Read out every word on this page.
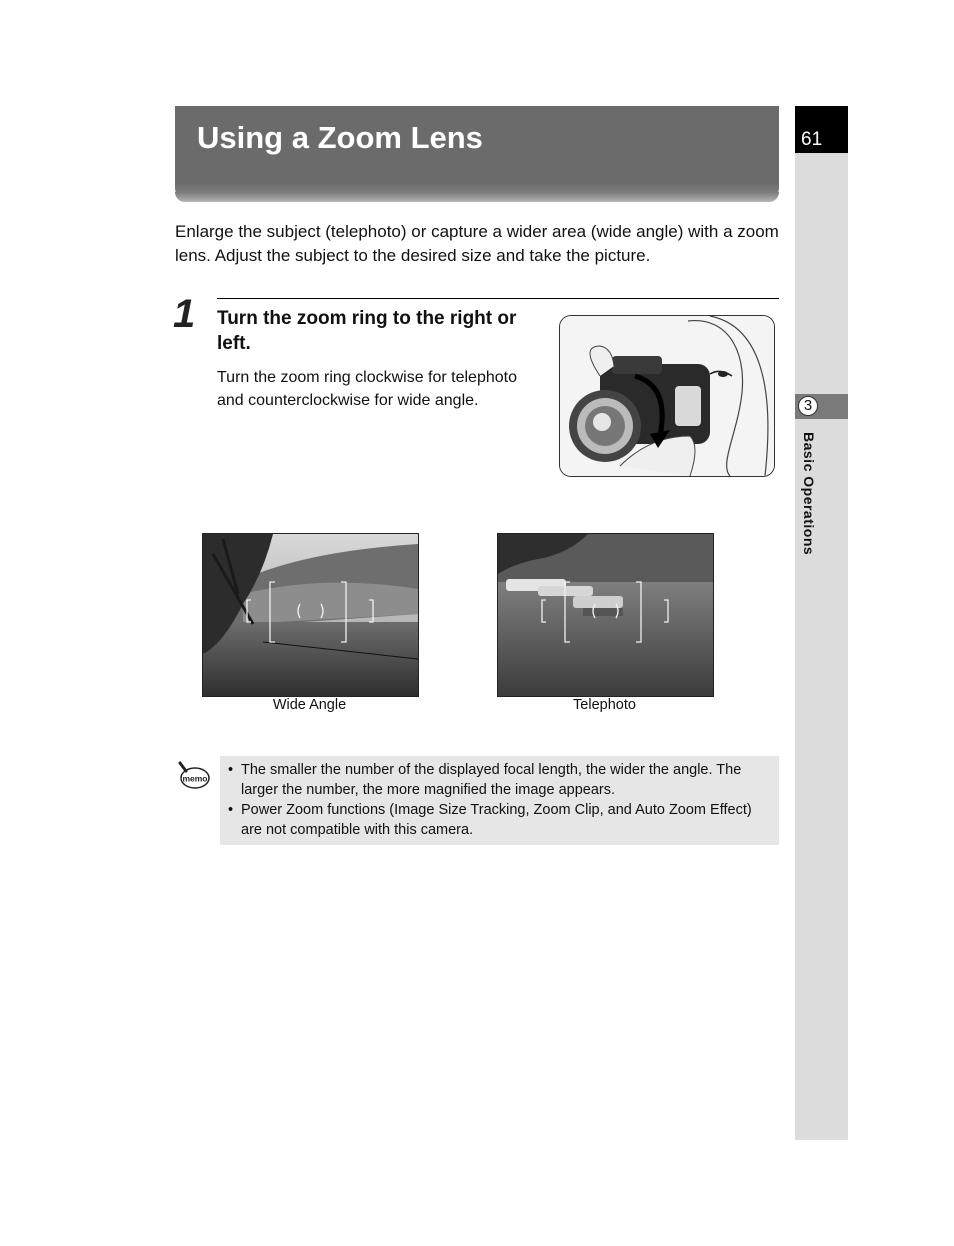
61
3
Basic Operations
Using a Zoom Lens

Enlarge the subject (telephoto) or capture a wider area (wide angle) with a zoom lens. Adjust the subject to the desired size and take the picture.

1 Turn the zoom ring to the right or left.

Turn the zoom ring clockwise for telephoto and counterclockwise for wide angle.

Wide Angle	Telephoto
memo
• The smaller the number of the displayed focal length, the wider the angle. The larger the number, the more magnified the image appears.
• Power Zoom functions (Image Size Tracking, Zoom Clip, and Auto Zoom Effect) are not compatible with this camera.
